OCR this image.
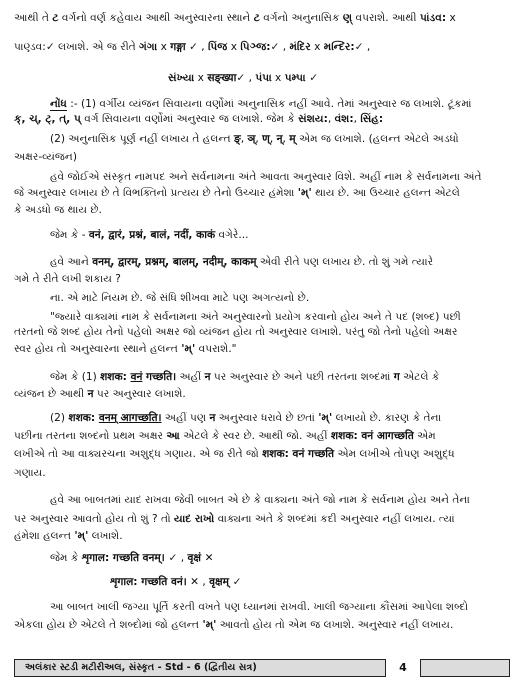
આથી તે ટ વર્ગનો વર્ણ કહેવાય આથી અનુસ્વારના સ્થાને ટ વર્ગનો અનુનાસિક ણ્ વપરાશે. આથી પાંડવ: x
પાણ્ડવ:✓ લખાશે. એ જ રીતે ગંગા x गङ्गा ✓ , પિંજ x પિઞ્જ:✓ , મંદિર x મન્દિર:✓ ,
સંખ્યા x सङ्ख्या✓ , પંપા x પમ્પા ✓
નોંધ :- (1) વર્ગીય વ્યંજન સિવાયના વર્ણોમાં અનુનાસિક નહીં આવે. તેમાં અનુસ્વાર જ લખાશે. ટૂંકમાં
ક્, ચ્, ટ્, ત્, પ્ વર્ગ સિવાયના વર્ણોમાં અનુસ્વાર જ લખાશે. જેમ કે સંશય:, વંશ:, સિંહ:
(2) અનુનાસિક પૂર્ણ નહીં લખાય તે હલન્ત ङ्, ञ्, ण्, न्, म् એમ જ લખાશે. (હલન્ત એટલે અડધો
અક્ષર-વ્યંજન)
હવે જોઈએ સંસ્કૃત નામપદ અને સર્વનામના અંતે આવતા અનુસ્વાર વિશે. અહીં નામ કે સર્વનામના અંતે
જે અનુસ્વાર લખાય છે તે વિભક્તિનો પ્રત્યય છે તેનો ઉચ્ચાર હંમેશા 'મ્' થાય છે. આ ઉચ્ચાર હલન્ત એટલે
કે અડધો જ થાય છે.
જેમ કે - वनं, द्वारं, प्रश्नं, बालं, नदीं, काकं વગેરે...
હવે આને वनम्, द्वारम्, प्रश्नम्, बालम्, नदीम्, काकम् એવી રીતે પણ લખાય છે. તો શું ગમે ત્યારે
ગમે તે રીતે લખી શકાય ?
ના. એ માટે નિયમ છે. જે સંધિ શીખવા માટે પણ અગત્યનો છે.
"જ્યારે વાક્યમાં નામ કે સર્વનામના અંતે અનુસ્વારનો પ્રયોગ કરવાનો હોય અને તે પદ (શબ્દ) પછી
તરતનો જે શબ્દ હોય તેનો પહેલો અક્ષર જો વ્યંજન હોય તો અનુસ્વાર લખાશે. પરંતુ જો તેનો પહેલો અક્ષર
સ્વર હોય તો અનુસ્વારના સ્થાને હલન્ત 'મ્' વપરાશે."
જેમ કે (1) शशक: वनं गच्छति। અહીં न પર અનુસ્વાર છે અને પછી તરતના શબ્દમાં ग એટલે કે
વ્યંજન છે આથી न પર અનુસ્વાર લખાશે.
(2) शशक: वनम् आगच्छति। અહીં પણ न અનુસ્વાર ધરાવે છે છતાં 'મ્' લખાયો છે. કારણ કે તેના
પછીના તરતના શબ્દનો પ્રથમ અક્ષર આ એટલે કે સ્વર છે. આથી જો. અહીં शशक: वनं आगच्छति એમ
લખીએ તો આ વાક્યરચના અશુદ્ધ ગણાય. એ જ રીતે જો शशक: वनं गच्छति એમ લખીએ તોપણ અશુદ્ધ
ગણાય.
હવે આ બાબતમાં યાદ રાખવા જેવી બાબત એ છે કે વાક્યના અંતે જો નામ કે સર્વનામ હોય અને તેના
પર અનુસ્વાર આવતો હોય તો શું ? તો યાદ રાખો વાક્યના અંતે કે શબ્દમાં કદી અનુસ્વાર નહીં લખાય. ત્યાં
હંમેશા હલન્ત 'મ્' લખાશે.
જેમ કે शृगाल: गच्छति वनम्। ✓ , वृक्षं ✕
शृगाल: गच्छति वनं। ✕ , वृक्षम् ✓
આ બાબત ખાલી જગ્યા પૂર્તિ કરતી વખતે પણ ધ્યાનમાં રાખવી. ખાલી જગ્યાના કૌંસમાં આપેલા શબ્દો
એકલા હોય છે એટલે તે શબ્દોમાં જો હલન્ત 'મ્' આવતો હોય તો એમ જ લખાશે. અનુસ્વાર નહીં લખાય.
અલંકાર સ્ટડી મટીરીઅલ, સંસ્કૃત - Std - 6 (દ્વિતીય સત્ર)	4
